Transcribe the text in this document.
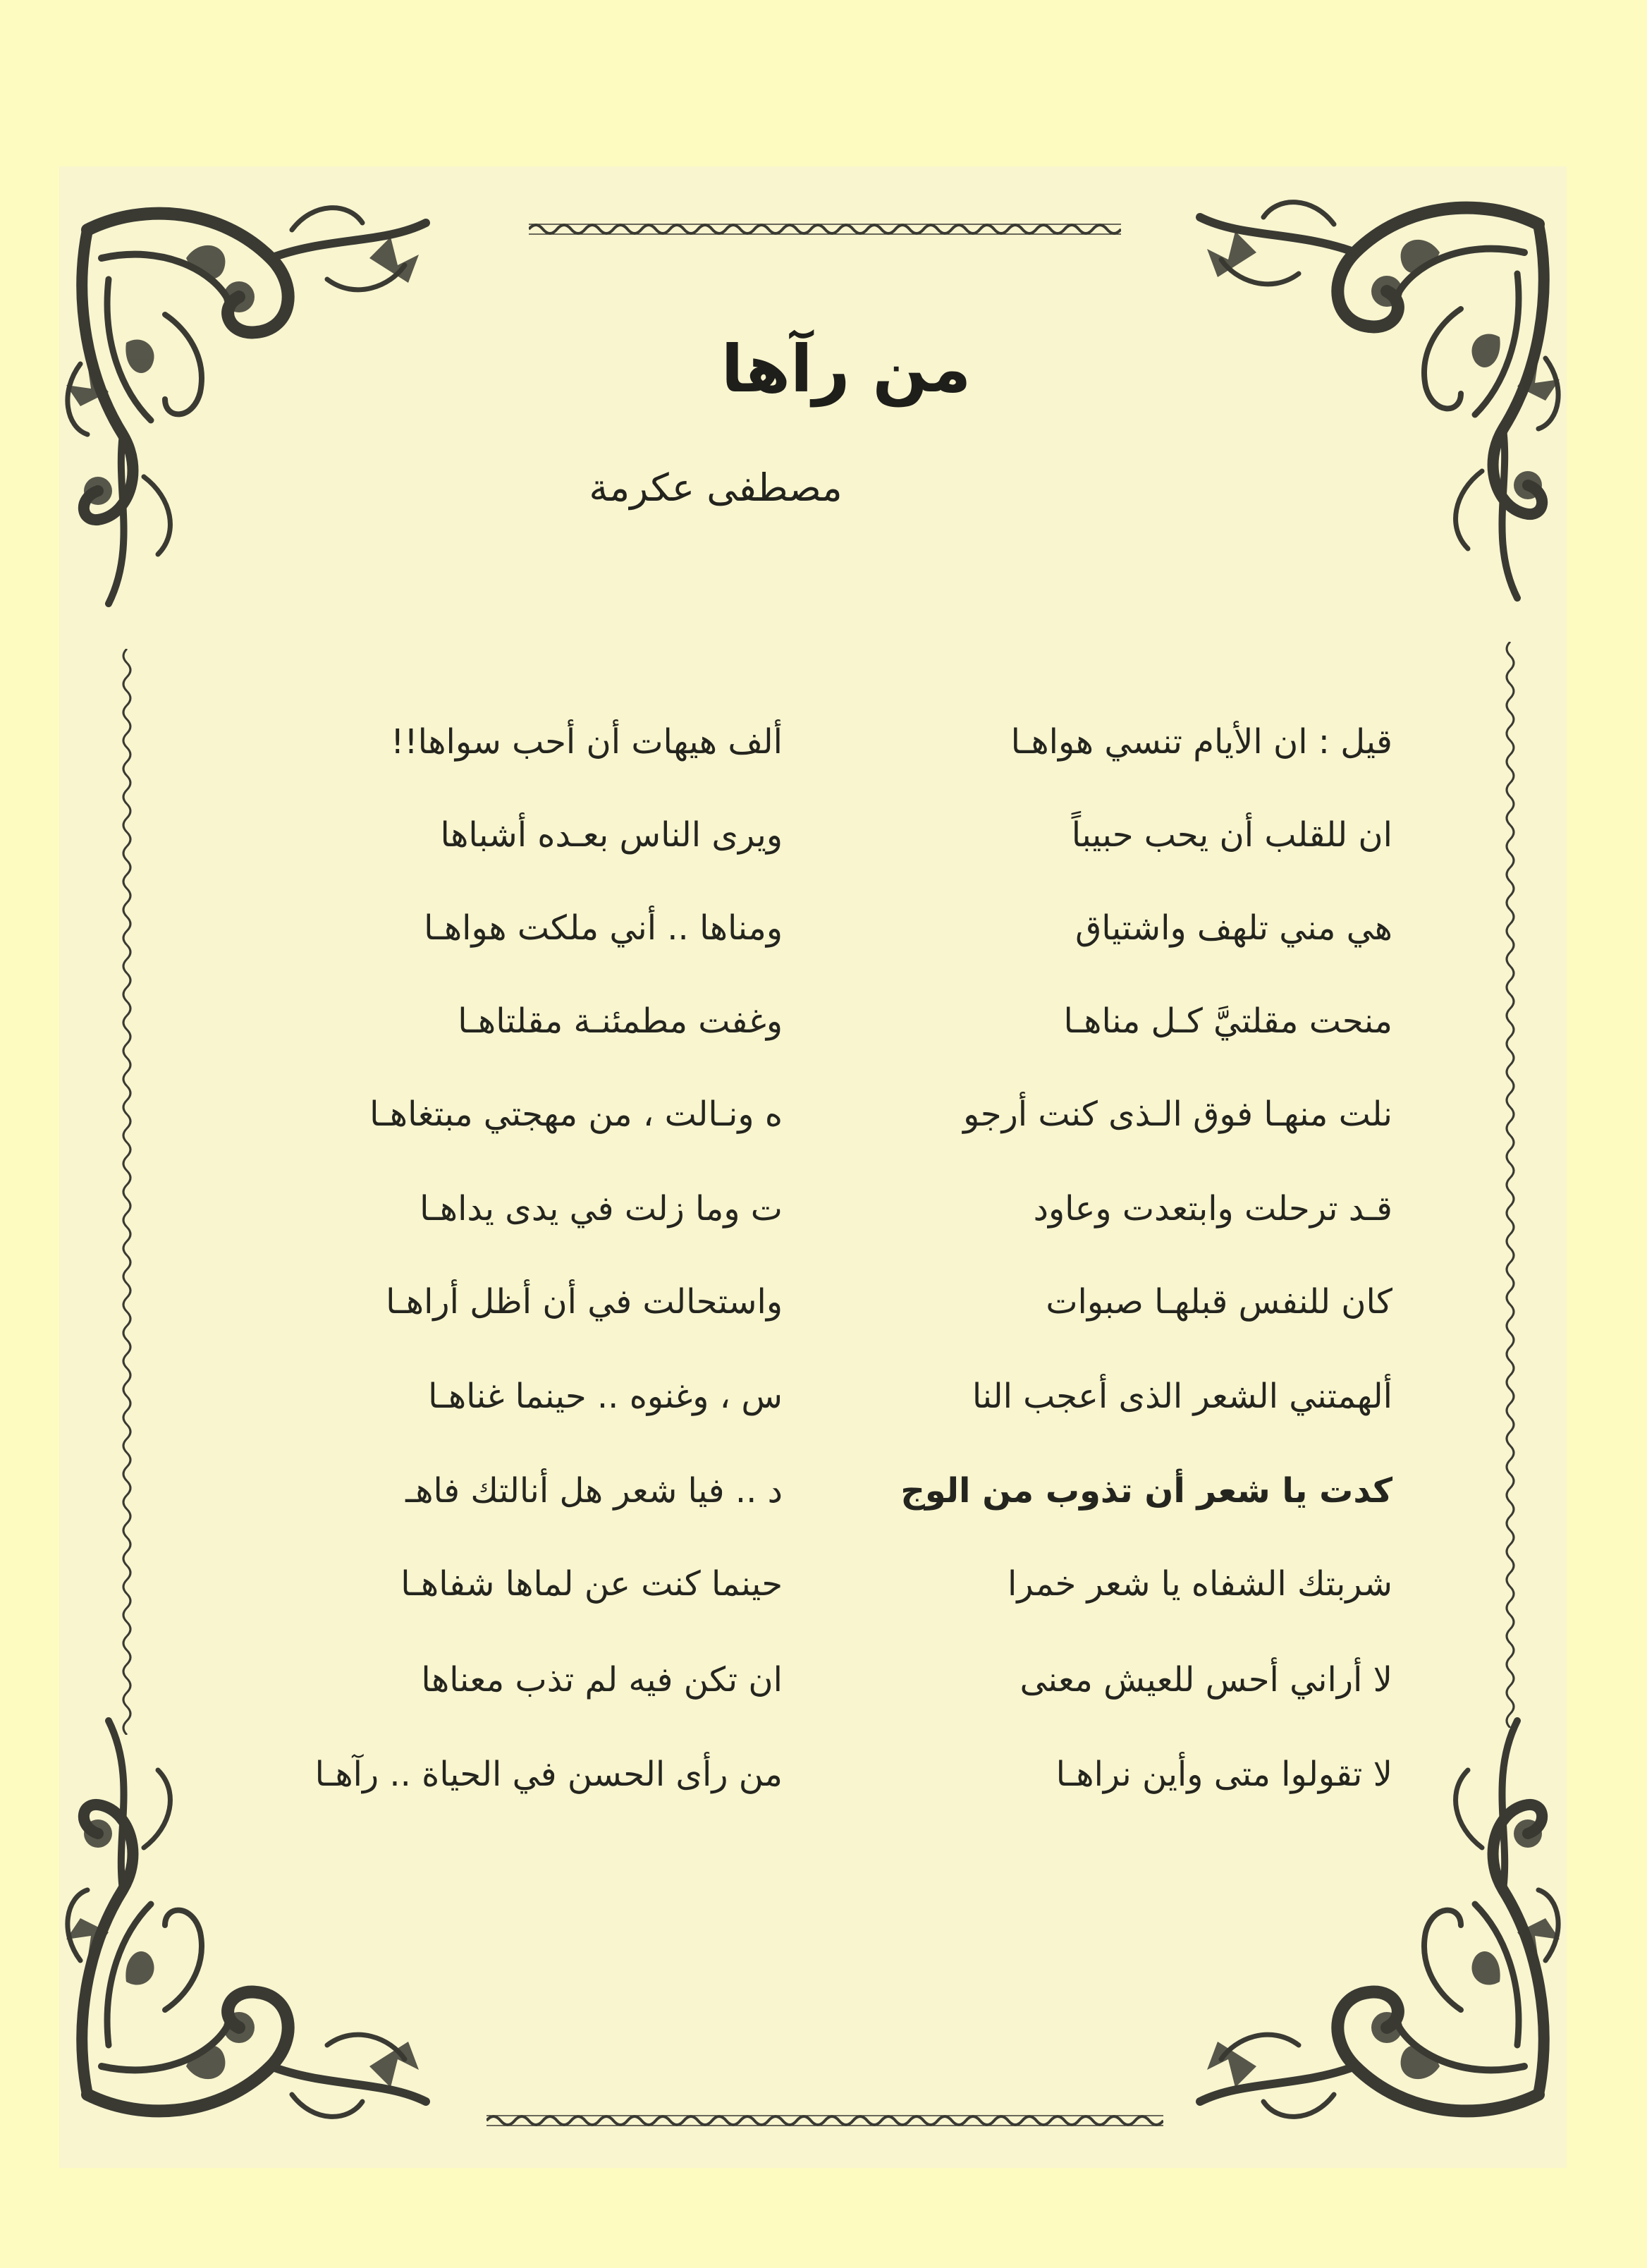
من رآها
مصطفى عكرمة
قيل : ان الأيام تنسي هواهـا
ألف هيهات أن أحب سواها!!
ان للقلب أن يحب حبيباً
ويرى الناس بعـده أشباها
هي مني تلهف واشتياق
ومناها .. أني ملكت هواهـا
منحت مقلتيَّ كـل مناهـا
وغفت مطمئنـة مقلتاهـا
نلت منهـا فوق الـذى كنت أرجو
ه ونـالت ، من مهجتي مبتغاهـا
قـد ترحلت وابتعدت وعاود
ت وما زلت في يدى يداهـا
كان للنفس قبلهـا صبوات
واستحالت في أن أظل أراهـا
ألهمتني الشعر الذى أعجب النا
س ، وغنوه .. حينما غناهـا
كدت يا شعر أن تذوب من الوج
د .. فيا شعر هل أنالتك فاهـ
شربتك الشفاه يا شعر خمرا
حينما كنت عن لماها شفاهـا
لا أراني أحس للعيش معنى
ان تكن فيه لم تذب معناها
لا تقولوا متى وأين نراهـا
من رأى الحسن في الحياة .. رآهـا
